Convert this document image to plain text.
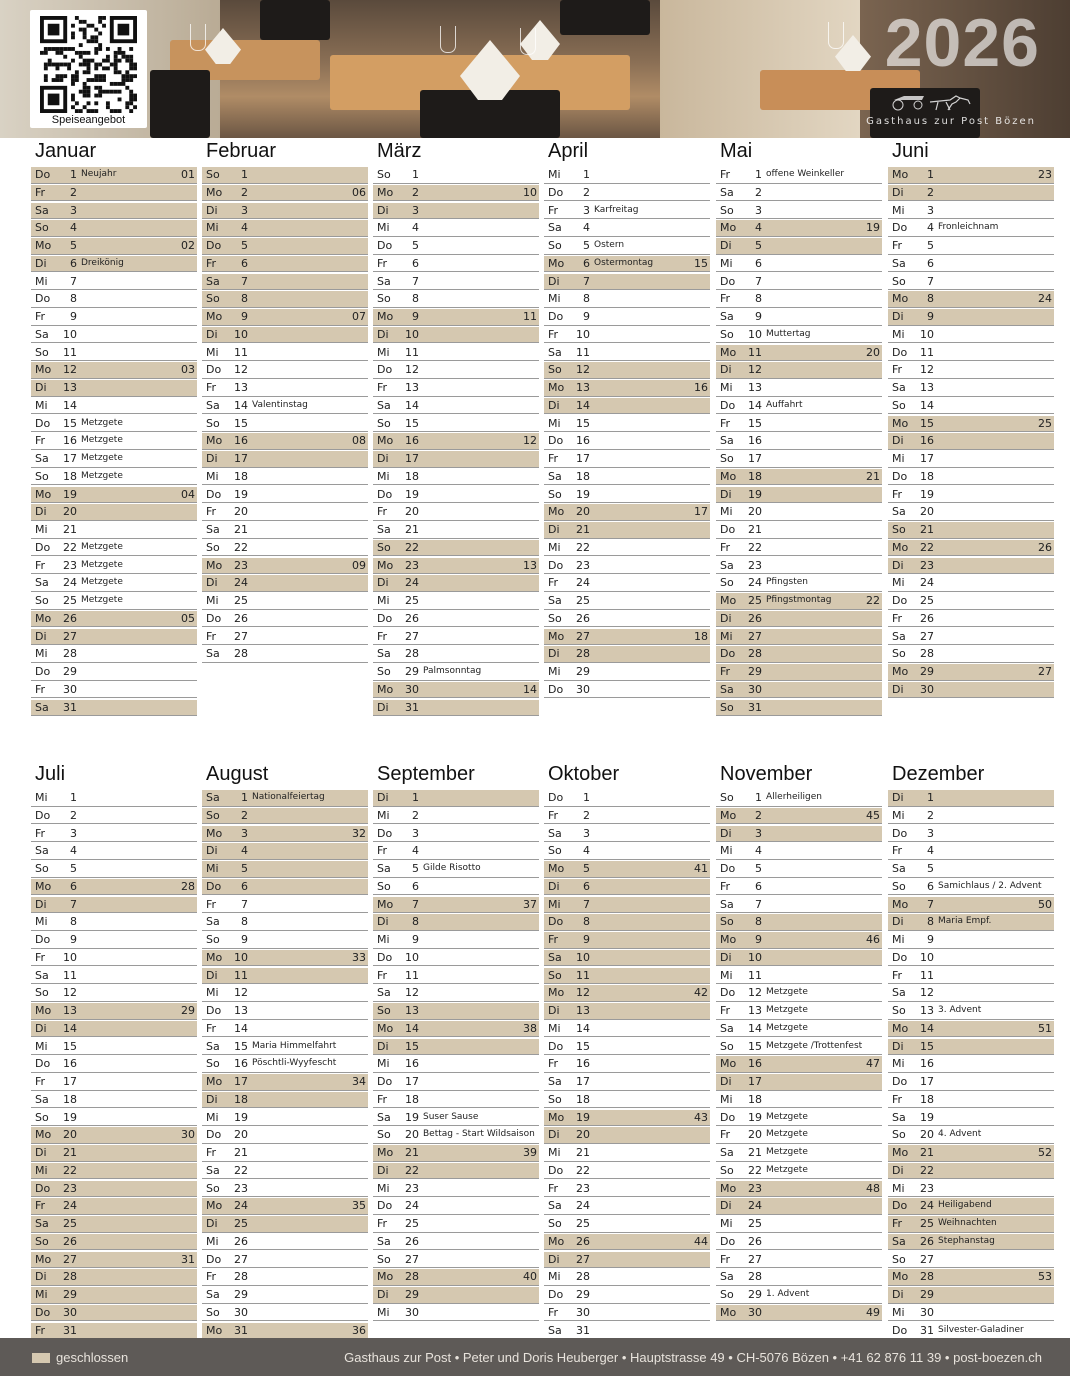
Speiseangebot
2026
Gasthaus zur Post Bözen
Januar
Do	1 Neujahr	01
Fr	2
Sa	3
So	4
Mo	5	02
Di	6 Dreikönig
Mi	7
Do	8
Fr	9
Sa	10
So	11
Mo	12	03
Di	13
Mi	14
Do	15 Metzgete
Fr	16 Metzgete
Sa	17 Metzgete
So	18 Metzgete
Mo	19	04
Di	20
Mi	21
Do	22 Metzgete
Fr	23 Metzgete
Sa	24 Metzgete
So	25 Metzgete
Mo	26	05
Di	27
Mi	28
Do	29
Fr	30
Sa	31
Februar
So	1
Mo	2	06
Di	3
Mi	4
Do	5
Fr	6
Sa	7
So	8
Mo	9	07
Di	10
Mi	11
Do	12
Fr	13
Sa	14 Valentinstag
So	15
Mo	16	08
Di	17
Mi	18
Do	19
Fr	20
Sa	21
So	22
Mo	23	09
Di	24
Mi	25
Do	26
Fr	27
Sa	28
März
So	1
Mo	2	10
Di	3
Mi	4
Do	5
Fr	6
Sa	7
So	8
Mo	9	11
Di	10
Mi	11
Do	12
Fr	13
Sa	14
So	15
Mo	16	12
Di	17
Mi	18
Do	19
Fr	20
Sa	21
So	22
Mo	23	13
Di	24
Mi	25
Do	26
Fr	27
Sa	28
So	29 Palmsonntag
Mo	30	14
Di	31
April
Mi	1
Do	2
Fr	3 Karfreitag
Sa	4
So	5 Ostern
Mo	6 Ostermontag	15
Di	7
Mi	8
Do	9
Fr	10
Sa	11
So	12
Mo	13	16
Di	14
Mi	15
Do	16
Fr	17
Sa	18
So	19
Mo	20	17
Di	21
Mi	22
Do	23
Fr	24
Sa	25
So	26
Mo	27	18
Di	28
Mi	29
Do	30
Mai
Fr	1 offene Weinkeller
Sa	2
So	3
Mo	4	19
Di	5
Mi	6
Do	7
Fr	8
Sa	9
So	10 Muttertag
Mo	11	20
Di	12
Mi	13
Do	14 Auffahrt
Fr	15
Sa	16
So	17
Mo	18	21
Di	19
Mi	20
Do	21
Fr	22
Sa	23
So	24 Pfingsten
Mo	25 Pfingstmontag	22
Di	26
Mi	27
Do	28
Fr	29
Sa	30
So	31
Juni
Mo	1	23
Di	2
Mi	3
Do	4 Fronleichnam
Fr	5
Sa	6
So	7
Mo	8	24
Di	9
Mi	10
Do	11
Fr	12
Sa	13
So	14
Mo	15	25
Di	16
Mi	17
Do	18
Fr	19
Sa	20
So	21
Mo	22	26
Di	23
Mi	24
Do	25
Fr	26
Sa	27
So	28
Mo	29	27
Di	30
Juli
Mi	1
Do	2
Fr	3
Sa	4
So	5
Mo	6	28
Di	7
Mi	8
Do	9
Fr	10
Sa	11
So	12
Mo	13	29
Di	14
Mi	15
Do	16
Fr	17
Sa	18
So	19
Mo	20	30
Di	21
Mi	22
Do	23
Fr	24
Sa	25
So	26
Mo	27	31
Di	28
Mi	29
Do	30
Fr	31
August
Sa	1 Nationalfeiertag
So	2
Mo	3	32
Di	4
Mi	5
Do	6
Fr	7
Sa	8
So	9
Mo	10	33
Di	11
Mi	12
Do	13
Fr	14
Sa	15 Maria Himmelfahrt
So	16 Pöschtli-Wyyfescht
Mo	17	34
Di	18
Mi	19
Do	20
Fr	21
Sa	22
So	23
Mo	24	35
Di	25
Mi	26
Do	27
Fr	28
Sa	29
So	30
Mo	31	36
September
Di	1
Mi	2
Do	3
Fr	4
Sa	5 Gilde Risotto
So	6
Mo	7	37
Di	8
Mi	9
Do	10
Fr	11
Sa	12
So	13
Mo	14	38
Di	15
Mi	16
Do	17
Fr	18
Sa	19 Suser Sause
So	20 Bettag - Start Wildsaison
Mo	21	39
Di	22
Mi	23
Do	24
Fr	25
Sa	26
So	27
Mo	28	40
Di	29
Mi	30
Oktober
Do	1
Fr	2
Sa	3
So	4
Mo	5	41
Di	6
Mi	7
Do	8
Fr	9
Sa	10
So	11
Mo	12	42
Di	13
Mi	14
Do	15
Fr	16
Sa	17
So	18
Mo	19	43
Di	20
Mi	21
Do	22
Fr	23
Sa	24
So	25
Mo	26	44
Di	27
Mi	28
Do	29
Fr	30
Sa	31
November
So	1 Allerheiligen
Mo	2	45
Di	3
Mi	4
Do	5
Fr	6
Sa	7
So	8
Mo	9	46
Di	10
Mi	11
Do	12 Metzgete
Fr	13 Metzgete
Sa	14 Metzgete
So	15 Metzgete /Trottenfest
Mo	16	47
Di	17
Mi	18
Do	19 Metzgete
Fr	20 Metzgete
Sa	21 Metzgete
So	22 Metzgete
Mo	23	48
Di	24
Mi	25
Do	26
Fr	27
Sa	28
So	29 1. Advent
Mo	30	49
Dezember
Di	1
Mi	2
Do	3
Fr	4
Sa	5
So	6 Samichlaus / 2. Advent
Mo	7	50
Di	8 Maria Empf.
Mi	9
Do	10
Fr	11
Sa	12
So	13 3. Advent
Mo	14	51
Di	15
Mi	16
Do	17
Fr	18
Sa	19
So	20 4. Advent
Mo	21	52
Di	22
Mi	23
Do	24 Heiligabend
Fr	25 Weihnachten
Sa	26 Stephanstag
So	27
Mo	28	53
Di	29
Mi	30
Do	31 Silvester-Galadiner
geschlossen	Gasthaus zur Post • Peter und Doris Heuberger • Hauptstrasse 49 • CH-5076 Bözen • +41 62 876 11 39 • post-boezen.ch
